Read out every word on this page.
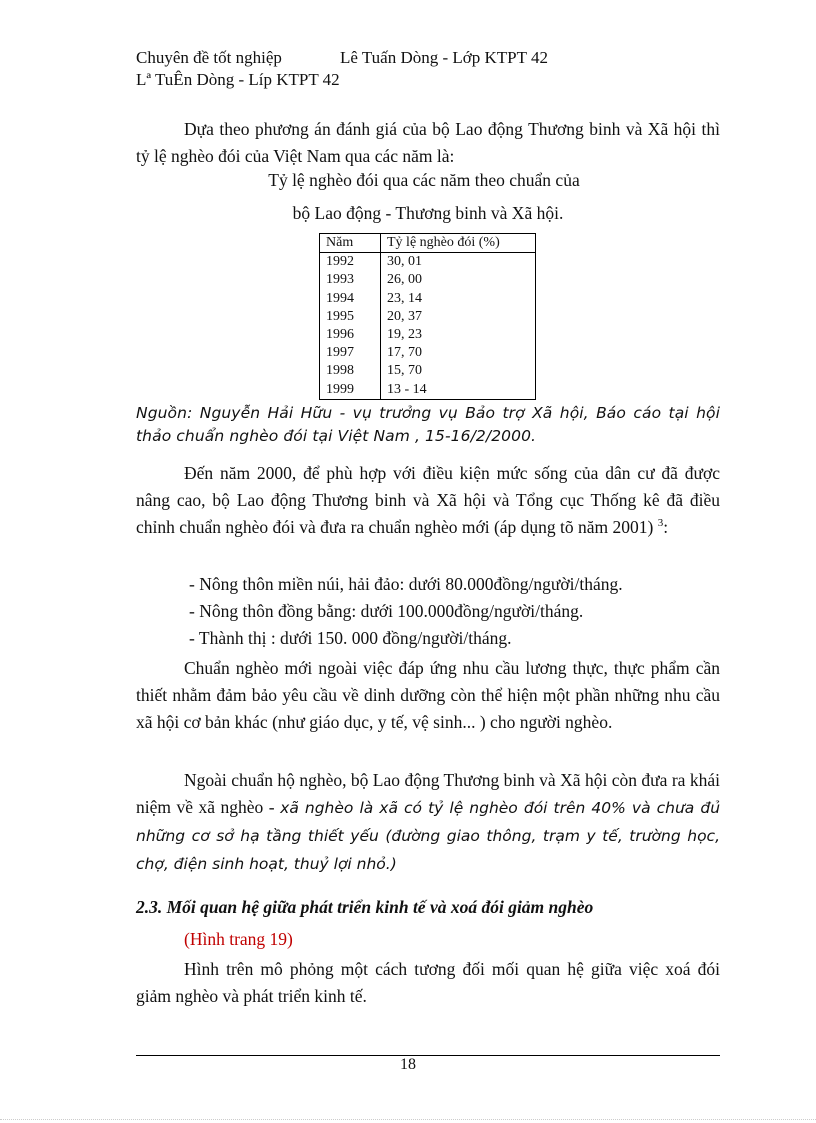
Chuyên đề tốt nghiệp	Lê Tuấn Dòng - Lớp KTPT 42
Lª TuÊn Dòng - Líp KTPT 42
Dựa theo phương án đánh giá của bộ Lao động Thương binh và Xã hội thì tỷ lệ nghèo đói của Việt Nam qua các năm là:
Tỷ lệ nghèo đói qua các năm theo chuẩn của
bộ Lao động - Thương binh và Xã hội.
Năm	Tỷ lệ nghèo đói (%)
1992	30, 01
1993	26, 00
1994	23, 14
1995	20, 37
1996	19, 23
1997	17, 70
1998	15, 70
1999	13 - 14
Nguồn: Nguyễn Hải Hữu - vụ trưởng vụ Bảo trợ Xã hội, Báo cáo tại hội thảo chuẩn nghèo đói tại Việt Nam , 15-16/2/2000.
Đến năm 2000, để phù hợp với điều kiện mức sống của dân cư đã được nâng cao, bộ Lao động Thương binh và Xã hội và Tổng cục Thống kê đã điều chỉnh chuẩn nghèo đói và đưa ra chuẩn nghèo mới (áp dụng tõ năm 2001) $^3$:
- Nông thôn miền núi, hải đảo: dưới 80.000đồng/người/tháng.
- Nông thôn đồng bằng: dưới 100.000đồng/người/tháng.
- Thành thị : dưới 150. 000 đồng/người/tháng.
Chuẩn nghèo mới ngoài việc đáp ứng nhu cầu lương thực, thực phẩm cần thiết nhằm đảm bảo yêu cầu về dinh dưỡng còn thể hiện một phần những nhu cầu xã hội cơ bản khác (như giáo dục, y tế, vệ sinh... ) cho người nghèo.
Ngoài chuẩn hộ nghèo, bộ Lao động Thương binh và Xã hội còn đưa ra khái niệm về xã nghèo - xã nghèo là xã có tỷ lệ nghèo đói trên 40% và chưa đủ những cơ sở hạ tầng thiết yếu (đường giao thông, trạm y tế, trường học, chợ, điện sinh hoạt, thuỷ lợi nhỏ.)
2.3. Mối quan hệ giữa phát triển kinh tế và xoá đói giảm nghèo
(Hình trang 19)
Hình trên mô phỏng một cách tương đối mối quan hệ giữa việc xoá đói giảm nghèo và phát triển kinh tế.
18
